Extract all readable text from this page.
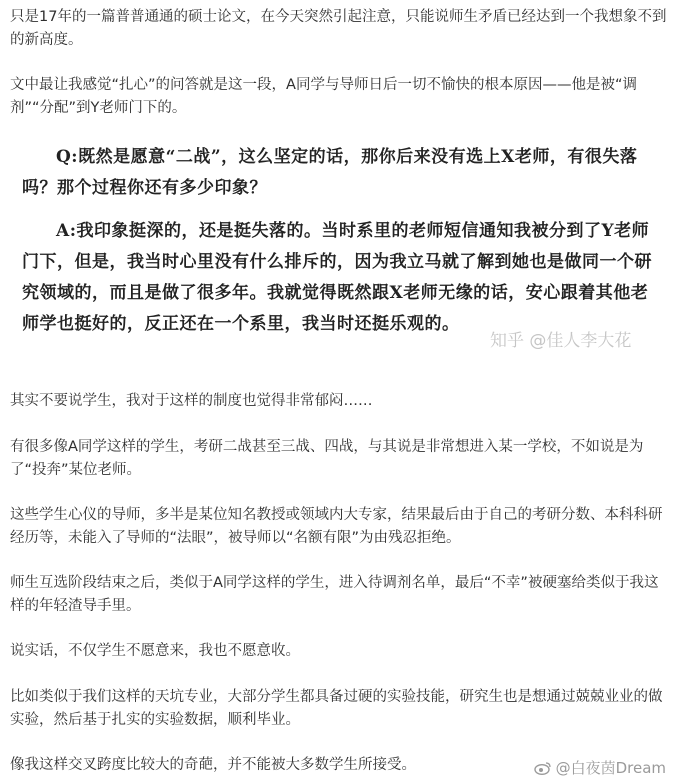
只是17年的一篇普普通通的硕士论文，在今天突然引起注意，只能说师生矛盾已经达到一个我想象不到的新高度。

文中最让我感觉“扎心”的问答就是这一段，A同学与导师日后一切不愉快的根本原因——他是被“调剂”“分配”到Y老师门下的。

Q:既然是愿意“二战”，这么坚定的话，那你后来没有选上X老师，有很失落吗？那个过程你还有多少印象？
A:我印象挺深的，还是挺失落的。当时系里的老师短信通知我被分到了Y老师门下，但是，我当时心里没有什么排斥的，因为我立马就了解到她也是做同一个研究领域的，而且是做了很多年。我就觉得既然跟X老师无缘的话，安心跟着其他老师学也挺好的，反正还在一个系里，我当时还挺乐观的。
知乎 @佳人李大花

其实不要说学生，我对于这样的制度也觉得非常郁闷……

有很多像A同学这样的学生，考研二战甚至三战、四战，与其说是非常想进入某一学校，不如说是为了“投奔”某位老师。

这些学生心仪的导师，多半是某位知名教授或领域内大专家，结果最后由于自己的考研分数、本科科研经历等，未能入了导师的“法眼”，被导师以“名额有限”为由残忍拒绝。

师生互选阶段结束之后，类似于A同学这样的学生，进入待调剂名单，最后“不幸”被硬塞给类似于我这样的年轻渣导手里。

说实话，不仅学生不愿意来，我也不愿意收。

比如类似于我们这样的天坑专业，大部分学生都具备过硬的实验技能，研究生也是想通过兢兢业业的做实验，然后基于扎实的实验数据，顺利毕业。

像我这样交叉跨度比较大的奇葩，并不能被大多数学生所接受。	@白夜茵Dream
